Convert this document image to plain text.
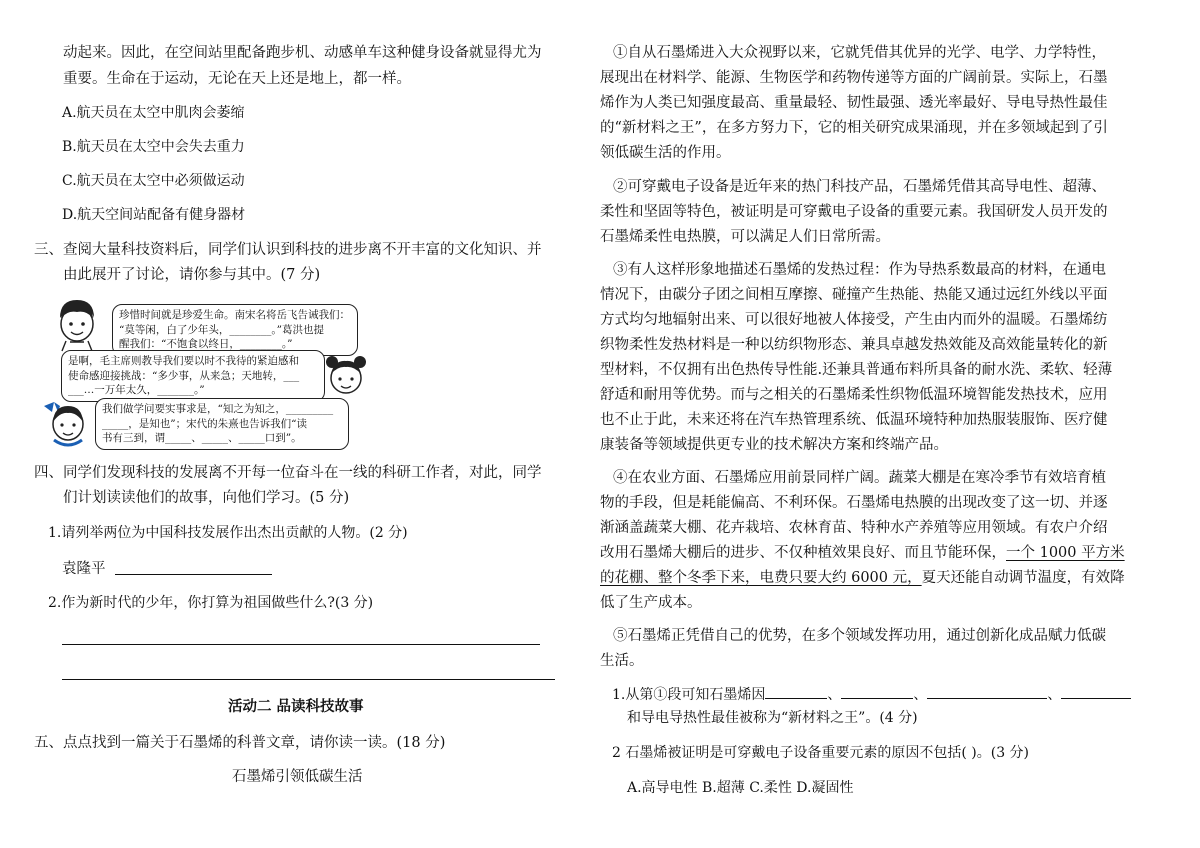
动起来。因此，在空间站里配备跑步机、动感单车这种健身设备就显得尤为
重要。生命在于运动，无论在天上还是地上，都一样。
A.航天员在太空中肌肉会萎缩
B.航天员在太空中会失去重力
C.航天员在太空中必须做运动
D.航天空间站配备有健身器材
三、查阅大量科技资料后，同学们认识到科技的进步离不开丰富的文化知识、并
由此展开了讨论，请你参与其中。(7 分)
珍惜时间就是珍爱生命。南宋名将岳飞告诫我们：
“莫等闲，白了少年头，________。”葛洪也提
醒我们：“不饱食以终日，________。”
是啊，毛主席则教导我们要以时不我待的紧迫感和
使命感迎接挑战：“多少事，从来急；天地转，___
___…一万年太久，_______。”
我们做学问要实事求是，“知之为知之，_________
_____，是知也”；宋代的朱熹也告诉我们“读
书有三到，谓_____、_____、_____口到”。
四、同学们发现科技的发展离不开每一位奋斗在一线的科研工作者，对此，同学
们计划读读他们的故事，向他们学习。(5 分)
1.请列举两位为中国科技发展作出杰出贡献的人物。(2 分)
袁隆平
2.作为新时代的少年，你打算为祖国做些什么?(3 分)
活动二 品读科技故事
五、点点找到一篇关于石墨烯的科普文章，请你读一读。(18 分)
石墨烯引领低碳生活
①自从石墨烯进入大众视野以来，它就凭借其优异的光学、电学、力学特性，
展现出在材料学、能源、生物医学和药物传递等方面的广阔前景。实际上，石墨
烯作为人类已知强度最高、重量最轻、韧性最强、透光率最好、导电导热性最佳
的“新材料之王”，在多方努力下，它的相关研究成果涌现，并在多领域起到了引
领低碳生活的作用。
②可穿戴电子设备是近年来的热门科技产品，石墨烯凭借其高导电性、超薄、
柔性和坚固等特色，被证明是可穿戴电子设备的重要元素。我国研发人员开发的
石墨烯柔性电热膜，可以满足人们日常所需。
③有人这样形象地描述石墨烯的发热过程：作为导热系数最高的材料，在通电
情况下，由碳分子团之间相互摩擦、碰撞产生热能、热能又通过远红外线以平面
方式均匀地辐射出来、可以很好地被人体接受，产生由内而外的温暖。石墨烯纺
织物柔性发热材料是一种以纺织物形态、兼具卓越发热效能及高效能量转化的新
型材料，不仅拥有出色热传导性能.还兼具普通布料所具备的耐水洗、柔软、轻薄
舒适和耐用等优势。而与之相关的石墨烯柔性织物低温环境智能发热技术，应用
也不止于此，未来还将在汽车热管理系统、低温环境特种加热服装服饰、医疗健
康装备等领域提供更专业的技术解决方案和终端产品。
④在农业方面、石墨烯应用前景同样广阔。蔬菜大棚是在寒冷季节有效培育植
物的手段，但是耗能偏高、不利环保。石墨烯电热膜的出现改变了这一切、并逐
渐涵盖蔬菜大棚、花卉栽培、农林育苗、特种水产养殖等应用领域。有农户介绍
改用石墨烯大棚后的进步、不仅种植效果良好、而且节能环保，一个 1000 平方米
的花棚、整个冬季下来，电费只要大约 6000 元，夏天还能自动调节温度，有效降
低了生产成本。
⑤石墨烯正凭借自己的优势，在多个领域发挥功用，通过创新化成品赋力低碳
生活。
1.从第①段可知石墨烯因	、	、	、
和导电导热性最佳被称为“新材料之王”。(4 分)
2 石墨烯被证明是可穿戴电子设备重要元素的原因不包括( )。(3 分)
A.高导电性 B.超薄 C.柔性 D.凝固性
